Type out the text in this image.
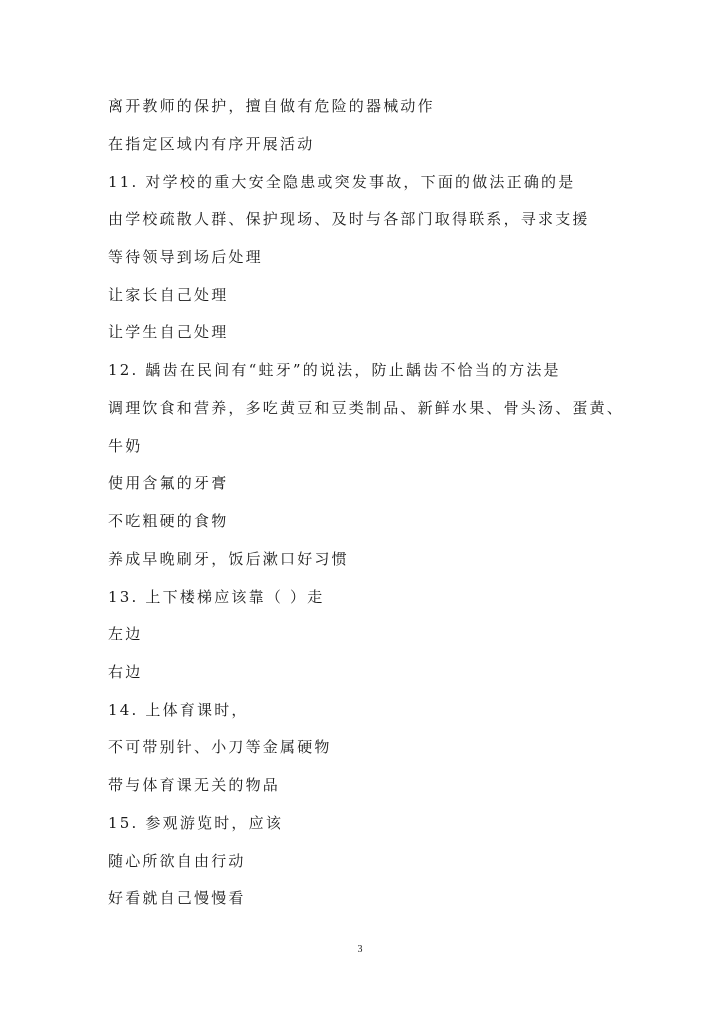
离开教师的保护，擅自做有危险的器械动作
在指定区域内有序开展活动
11. 对学校的重大安全隐患或突发事故，下面的做法正确的是
由学校疏散人群、保护现场、及时与各部门取得联系，寻求支援
等待领导到场后处理
让家长自己处理
让学生自己处理
12. 龋齿在民间有“蛀牙”的说法，防止龋齿不恰当的方法是
调理饮食和营养，多吃黄豆和豆类制品、新鲜水果、骨头汤、蛋黄、
牛奶
使用含氟的牙膏
不吃粗硬的食物
养成早晚刷牙，饭后漱口好习惯
13. 上下楼梯应该靠（ ）走
左边
右边
14. 上体育课时，
不可带别针、小刀等金属硬物
带与体育课无关的物品
15. 参观游览时，应该
随心所欲自由行动
好看就自己慢慢看
3
